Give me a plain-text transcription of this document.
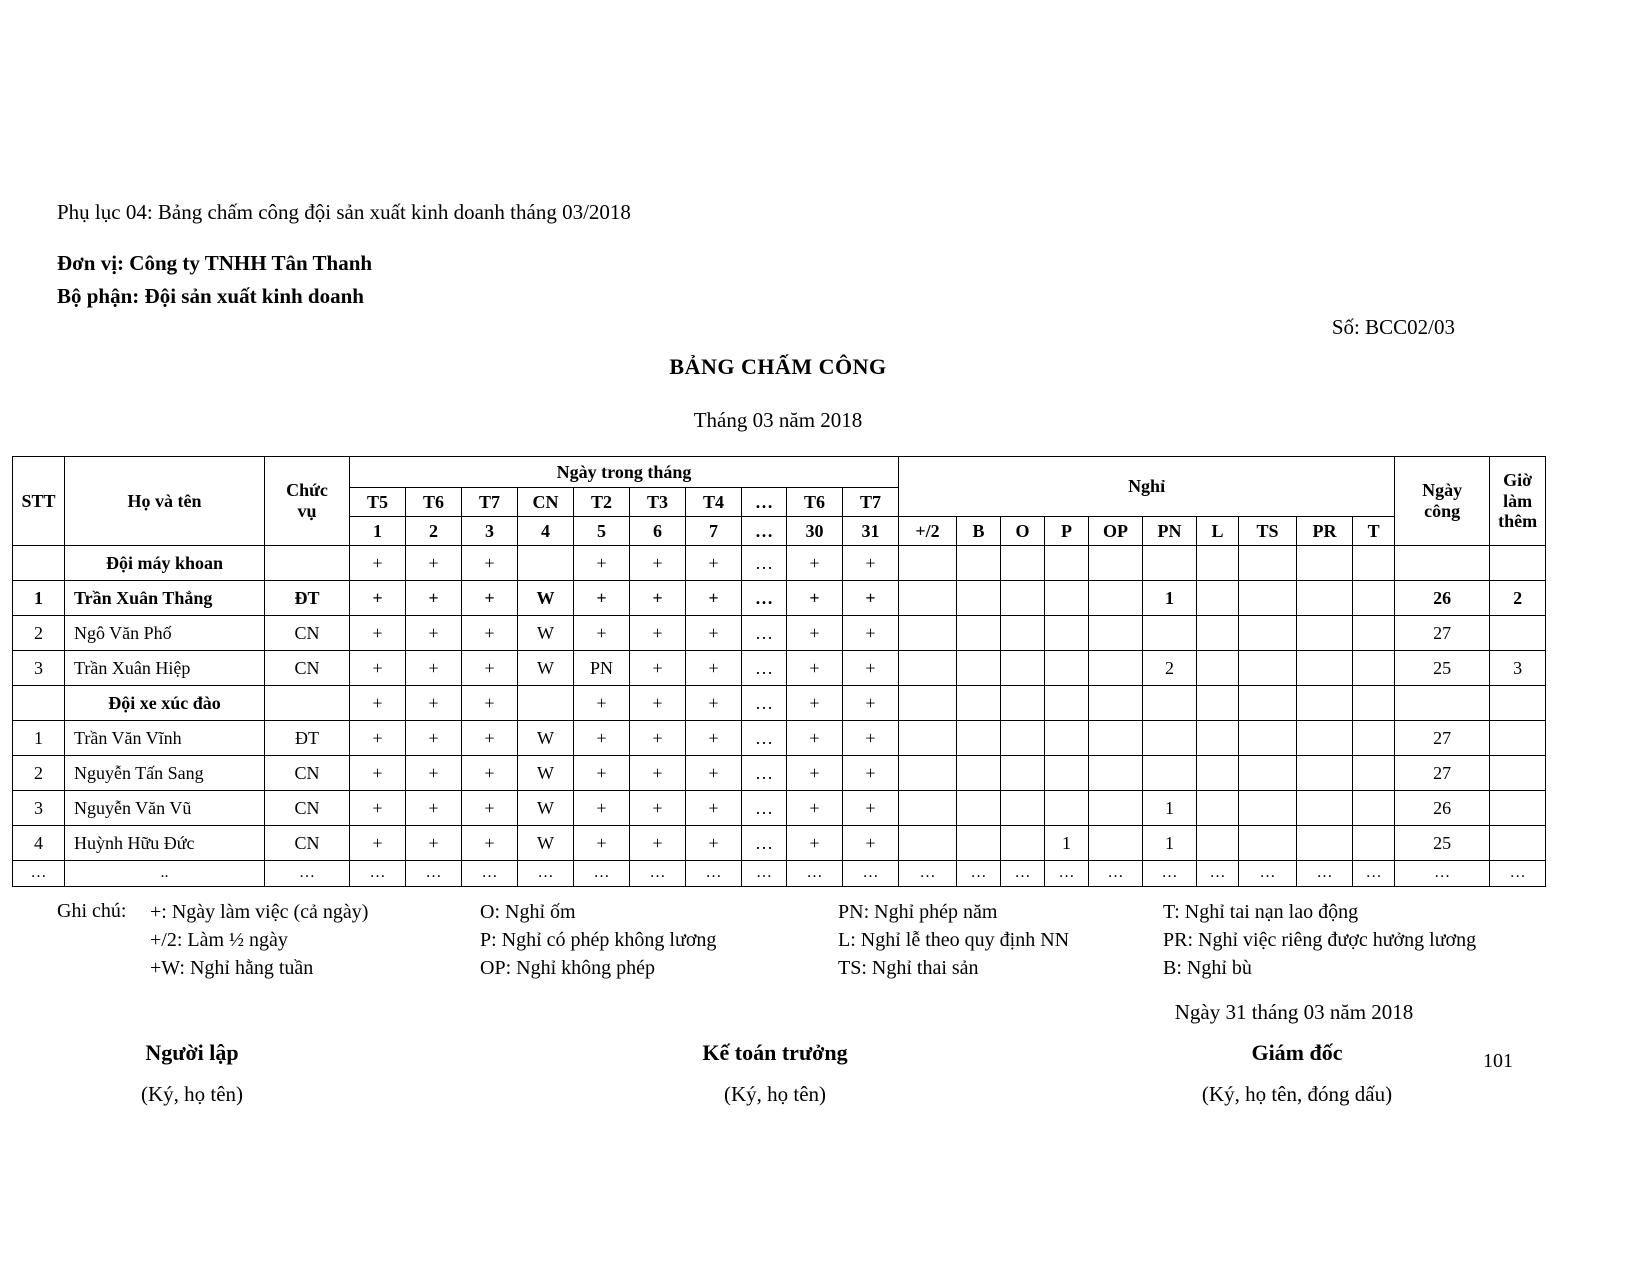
Phụ lục 04: Bảng chấm công đội sản xuất kinh doanh tháng 03/2018
Đơn vị: Công ty TNHH Tân Thanh
Bộ phận: Đội sản xuất kinh doanh
Số: BCC02/03
BẢNG CHẤM CÔNG
Tháng 03 năm 2018
STT	Họ và tên	Chức vụ	Ngày trong tháng										Nghỉ										Ngày công	Giờ làm thêm
			T5	T6	T7	CN	T2	T3	T4	…	T6	T7												
			1	2	3	4	5	6	7	…	30	31	+/2	B	O	P	OP	PN	L	TS	PR	T		
	Đội máy khoan		+	+	+		+	+	+	…	+	+												
1	Trần Xuân Thắng	ĐT	+	+	+	W	+	+	+	…	+	+						1					26	2
2	Ngô Văn Phố	CN	+	+	+	W	+	+	+	…	+	+											27	
3	Trần Xuân Hiệp	CN	+	+	+	W	PN	+	+	…	+	+						2					25	3
	Đội xe xúc đào		+	+	+		+	+	+	…	+	+												
1	Trần Văn Vĩnh	ĐT	+	+	+	W	+	+	+	…	+	+											27	
2	Nguyễn Tấn Sang	CN	+	+	+	W	+	+	+	…	+	+											27	
3	Nguyễn Văn Vũ	CN	+	+	+	W	+	+	+	…	+	+						1					26	
4	Huỳnh Hữu Đức	CN	+	+	+	W	+	+	+	…	+	+				1		1					25	
…	..	…	…	…	…	…	…	…	…	…	…	…	…	…	…	…	…	…	…	…	…	…	…	…
Ghi chú: +: Ngày làm việc (cả ngày)
+/2: Làm ½ ngày
+W: Nghỉ hằng tuần
O: Nghỉ ốm
P: Nghỉ có phép không lương
OP: Nghỉ không phép
PN: Nghỉ phép năm
L: Nghỉ lễ theo quy định NN
TS: Nghỉ thai sản
T: Nghỉ tai nạn lao động
PR: Nghỉ việc riêng được hưởng lương
B: Nghỉ bù
Ngày 31 tháng 03 năm 2018
Người lập
(Ký, họ tên)
Kế toán trưởng
(Ký, họ tên)
Giám đốc
(Ký, họ tên, đóng dấu)
101
